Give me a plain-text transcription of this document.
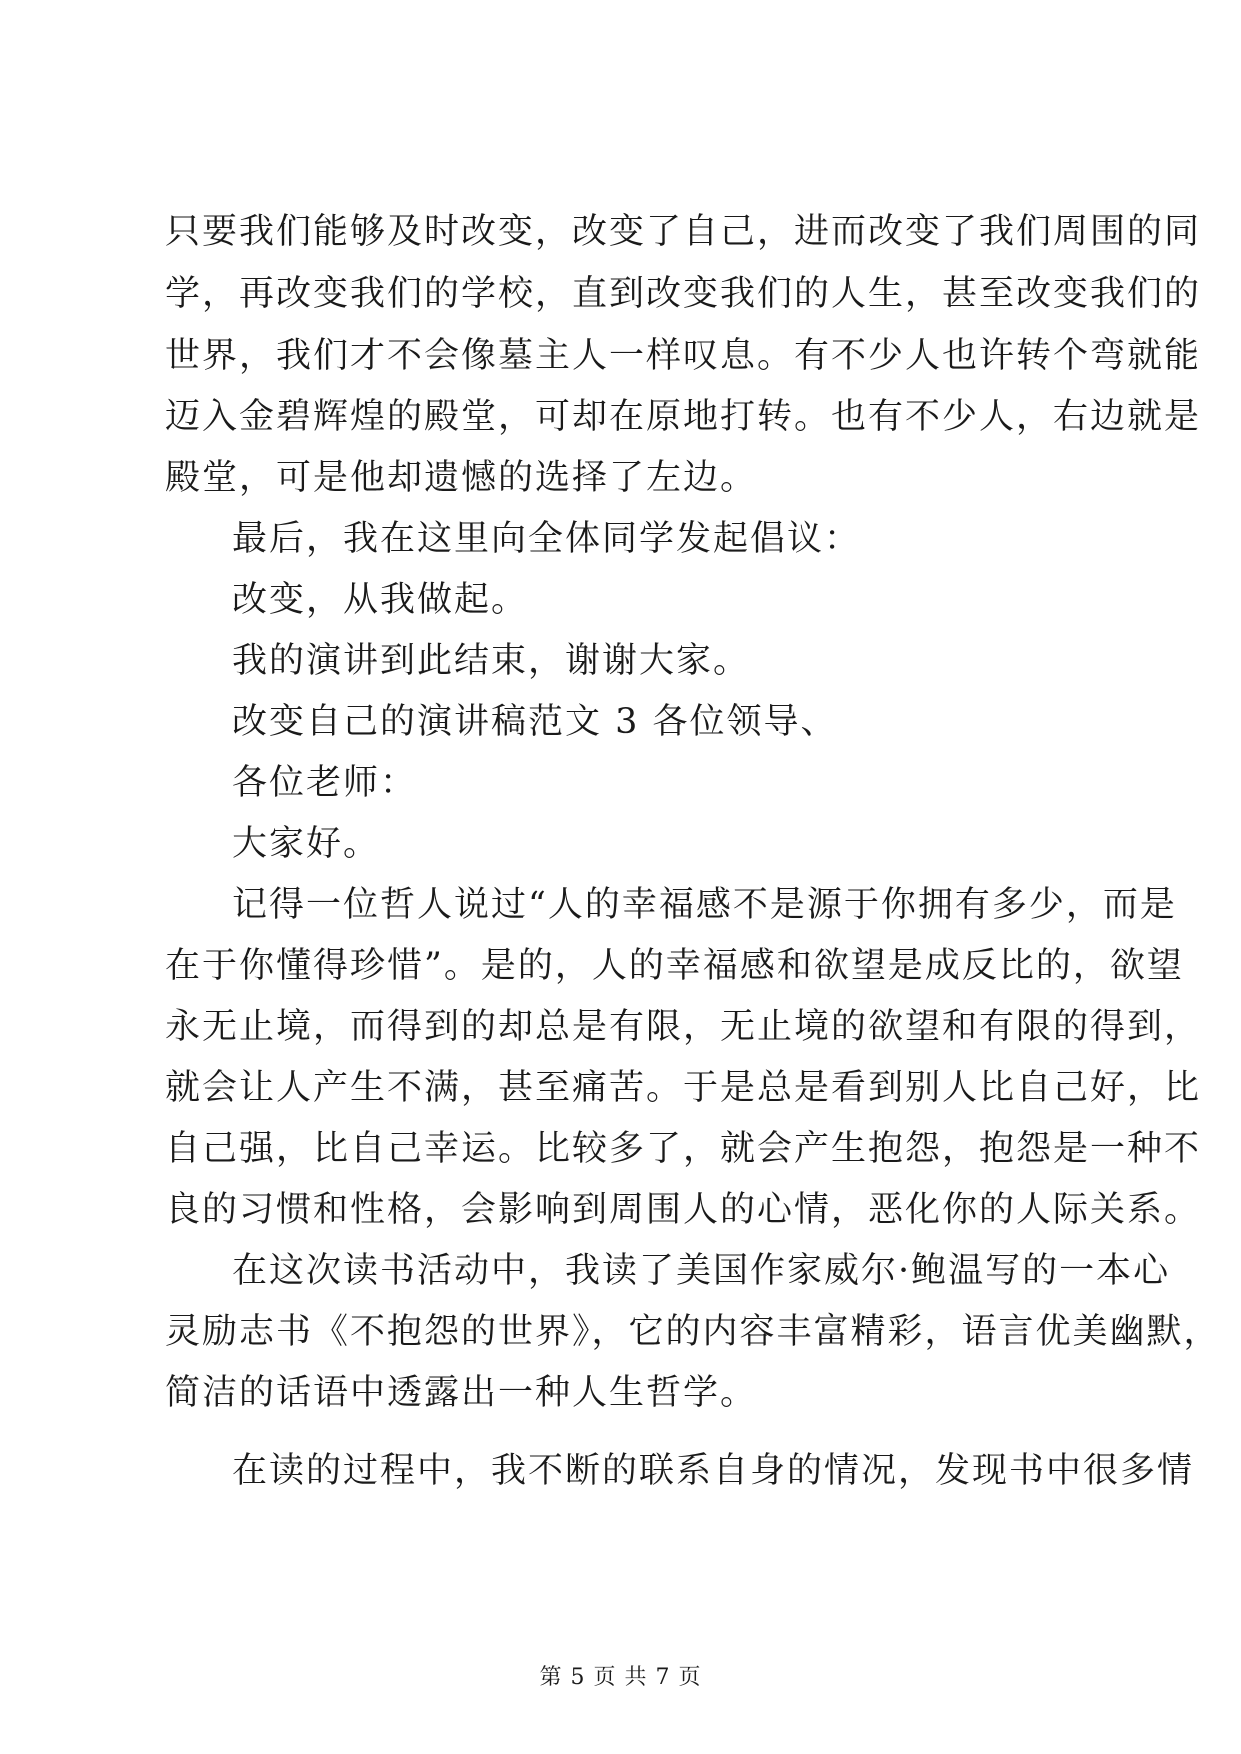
只要我们能够及时改变，改变了自己，进而改变了我们周围的同
学，再改变我们的学校，直到改变我们的人生，甚至改变我们的
世界，我们才不会像墓主人一样叹息。有不少人也许转个弯就能
迈入金碧辉煌的殿堂，可却在原地打转。也有不少人，右边就是
殿堂，可是他却遗憾的选择了左边。
最后，我在这里向全体同学发起倡议：
改变，从我做起。
我的演讲到此结束，谢谢大家。
改变自己的演讲稿范文 3 各位领导、
各位老师：
大家好。
记得一位哲人说过“人的幸福感不是源于你拥有多少，而是
在于你懂得珍惜”。是的，人的幸福感和欲望是成反比的，欲望
永无止境，而得到的却总是有限，无止境的欲望和有限的得到，
就会让人产生不满，甚至痛苦。于是总是看到别人比自己好，比
自己强，比自己幸运。比较多了，就会产生抱怨，抱怨是一种不
良的习惯和性格，会影响到周围人的心情，恶化你的人际关系。
在这次读书活动中，我读了美国作家威尔·鲍温写的一本心
灵励志书《不抱怨的世界》，它的内容丰富精彩，语言优美幽默，
简洁的话语中透露出一种人生哲学。
在读的过程中，我不断的联系自身的情况，发现书中很多情
第 5 页 共 7 页
